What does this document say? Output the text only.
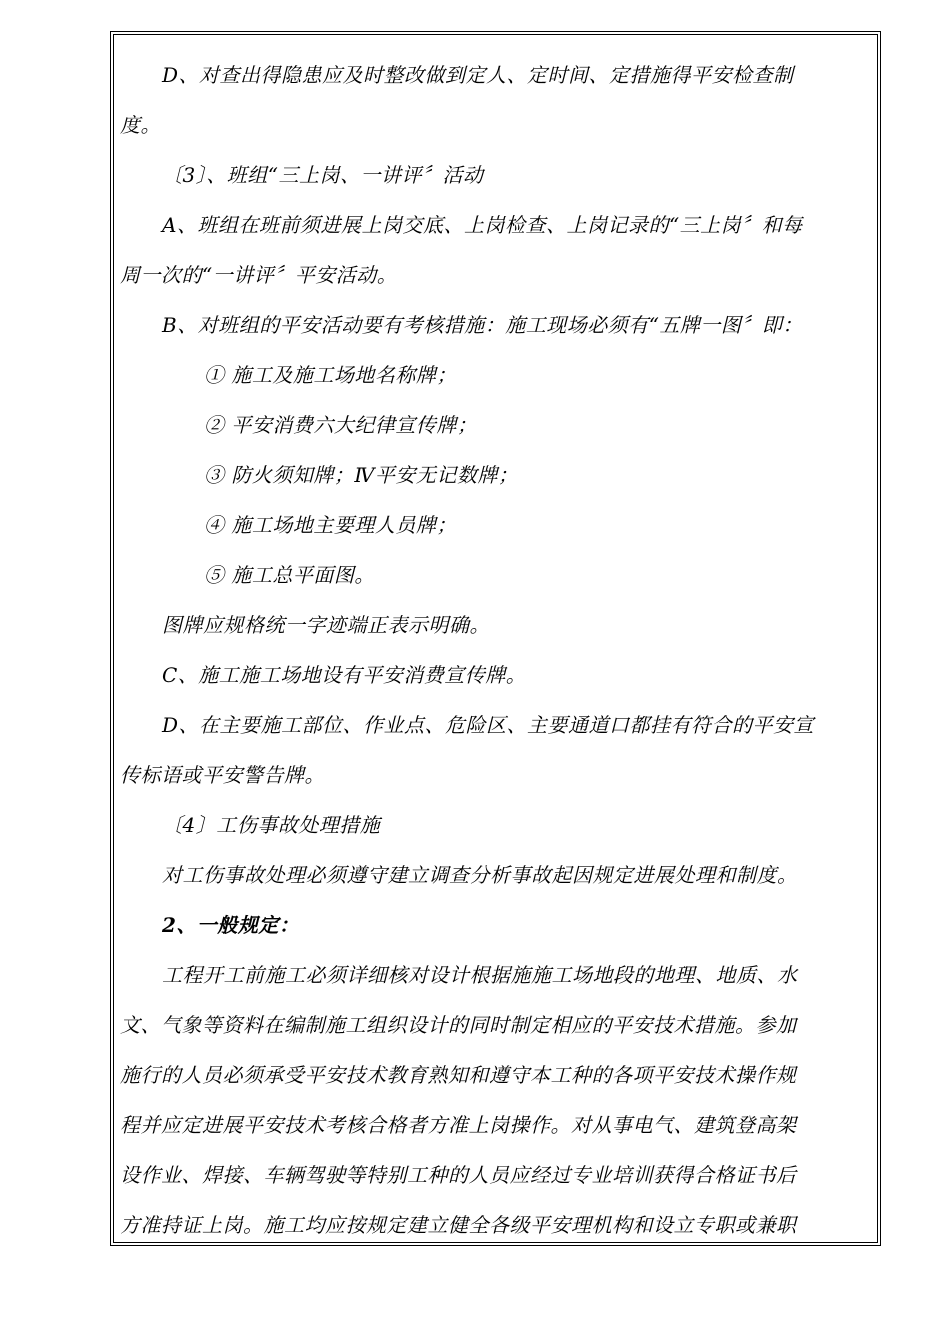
D、对查出得隐患应及时整改做到定人、定时间、定措施得平安检查制
度。
〔3〕、班组“三上岗、一讲评〞活动
A、班组在班前须进展上岗交底、上岗检查、上岗记录的“三上岗〞和每
周一次的“一讲评〞平安活动。
B、对班组的平安活动要有考核措施：施工现场必须有“五牌一图〞即：
① 施工及施工场地名称牌；
② 平安消费六大纪律宣传牌；
③ 防火须知牌；Ⅳ平安无记数牌；
④ 施工场地主要理人员牌；
⑤ 施工总平面图。
图牌应规格统一字迹端正表示明确。
C、施工施工场地设有平安消费宣传牌。
D、在主要施工部位、作业点、危险区、主要通道口都挂有符合的平安宣
传标语或平安警告牌。
〔4〕工伤事故处理措施
对工伤事故处理必须遵守建立调查分析事故起因规定进展处理和制度。
2、一般规定：
工程开工前施工必须详细核对设计根据施施工场地段的地理、地质、水
文、气象等资料在编制施工组织设计的同时制定相应的平安技术措施。参加
施行的人员必须承受平安技术教育熟知和遵守本工种的各项平安技术操作规
程并应定进展平安技术考核合格者方准上岗操作。对从事电气、建筑登高架
设作业、焊接、车辆驾驶等特别工种的人员应经过专业培训获得合格证书后
方准持证上岗。施工均应按规定建立健全各级平安理机构和设立专职或兼职
